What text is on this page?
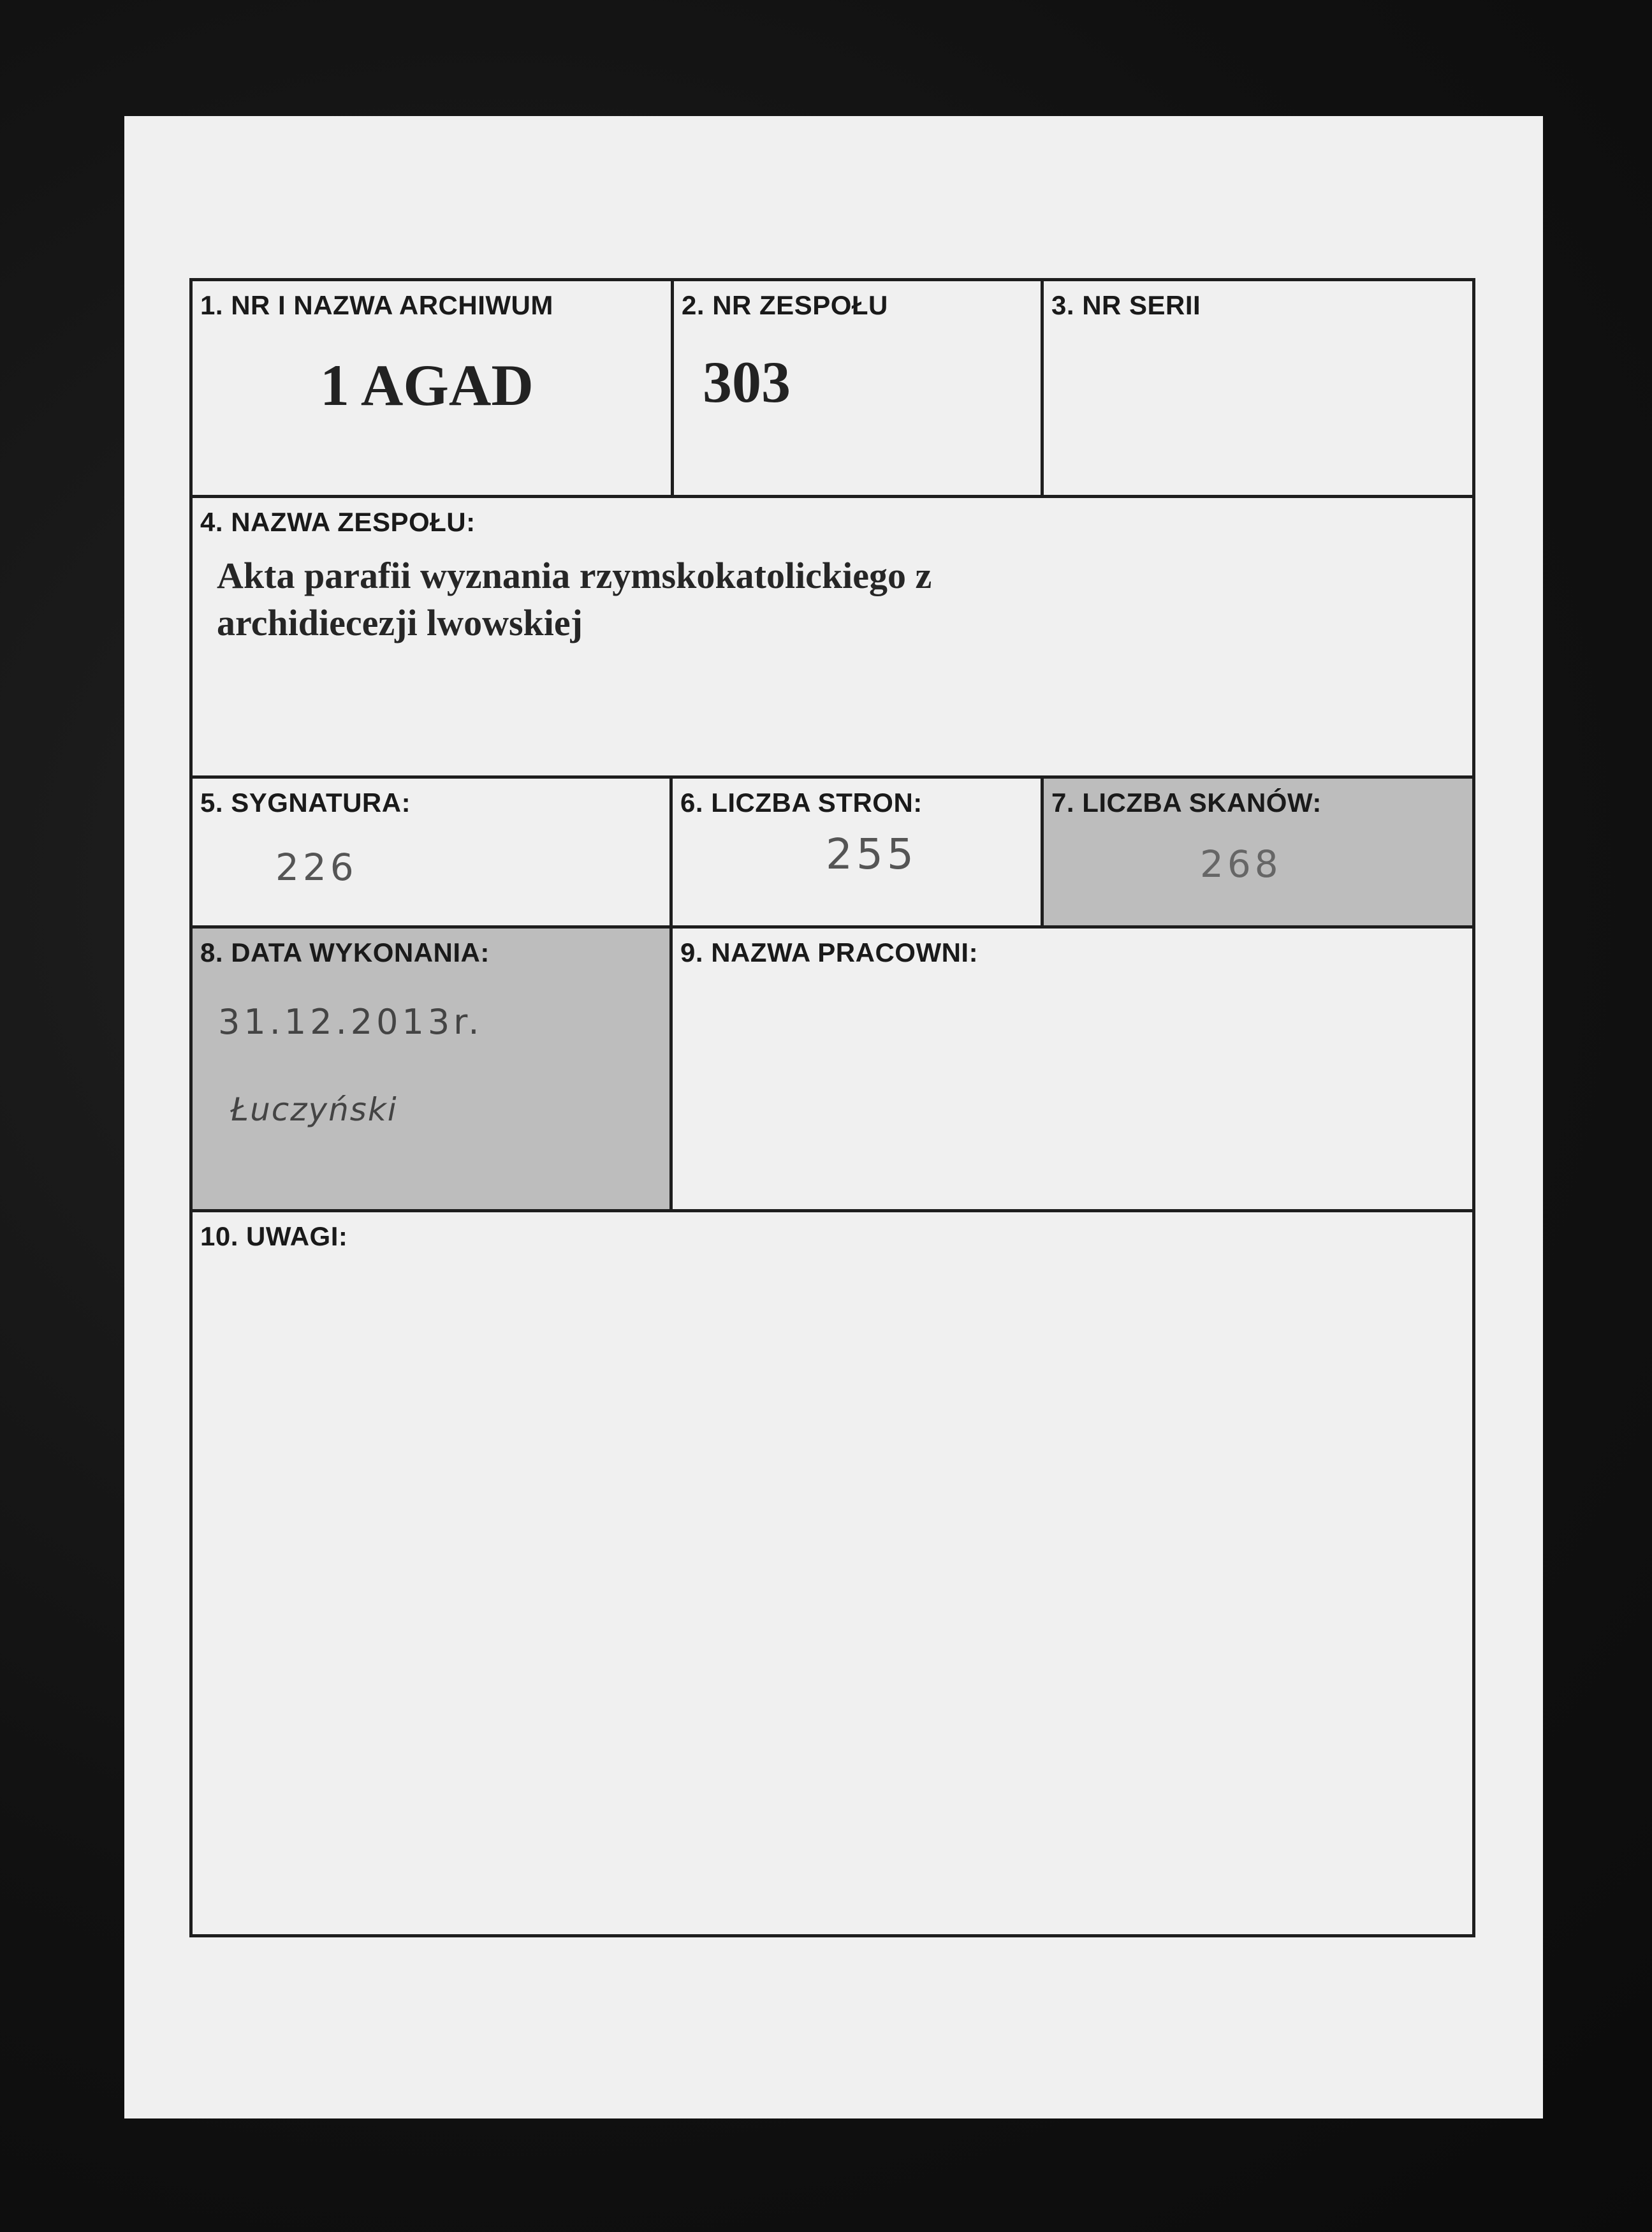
1. NR I NAZWA ARCHIWUM
1 AGAD
2. NR ZESPOŁU
303
3. NR SERII
4. NAZWA ZESPOŁU:
Akta parafii wyznania rzymskokatolickiego z
archidiecezji lwowskiej
5. SYGNATURA:
226
6. LICZBA STRON:
255
7. LICZBA SKANÓW:
268
8. DATA WYKONANIA:
31.12.2013r.
Łuczyński
9. NAZWA PRACOWNI:
10. UWAGI:
